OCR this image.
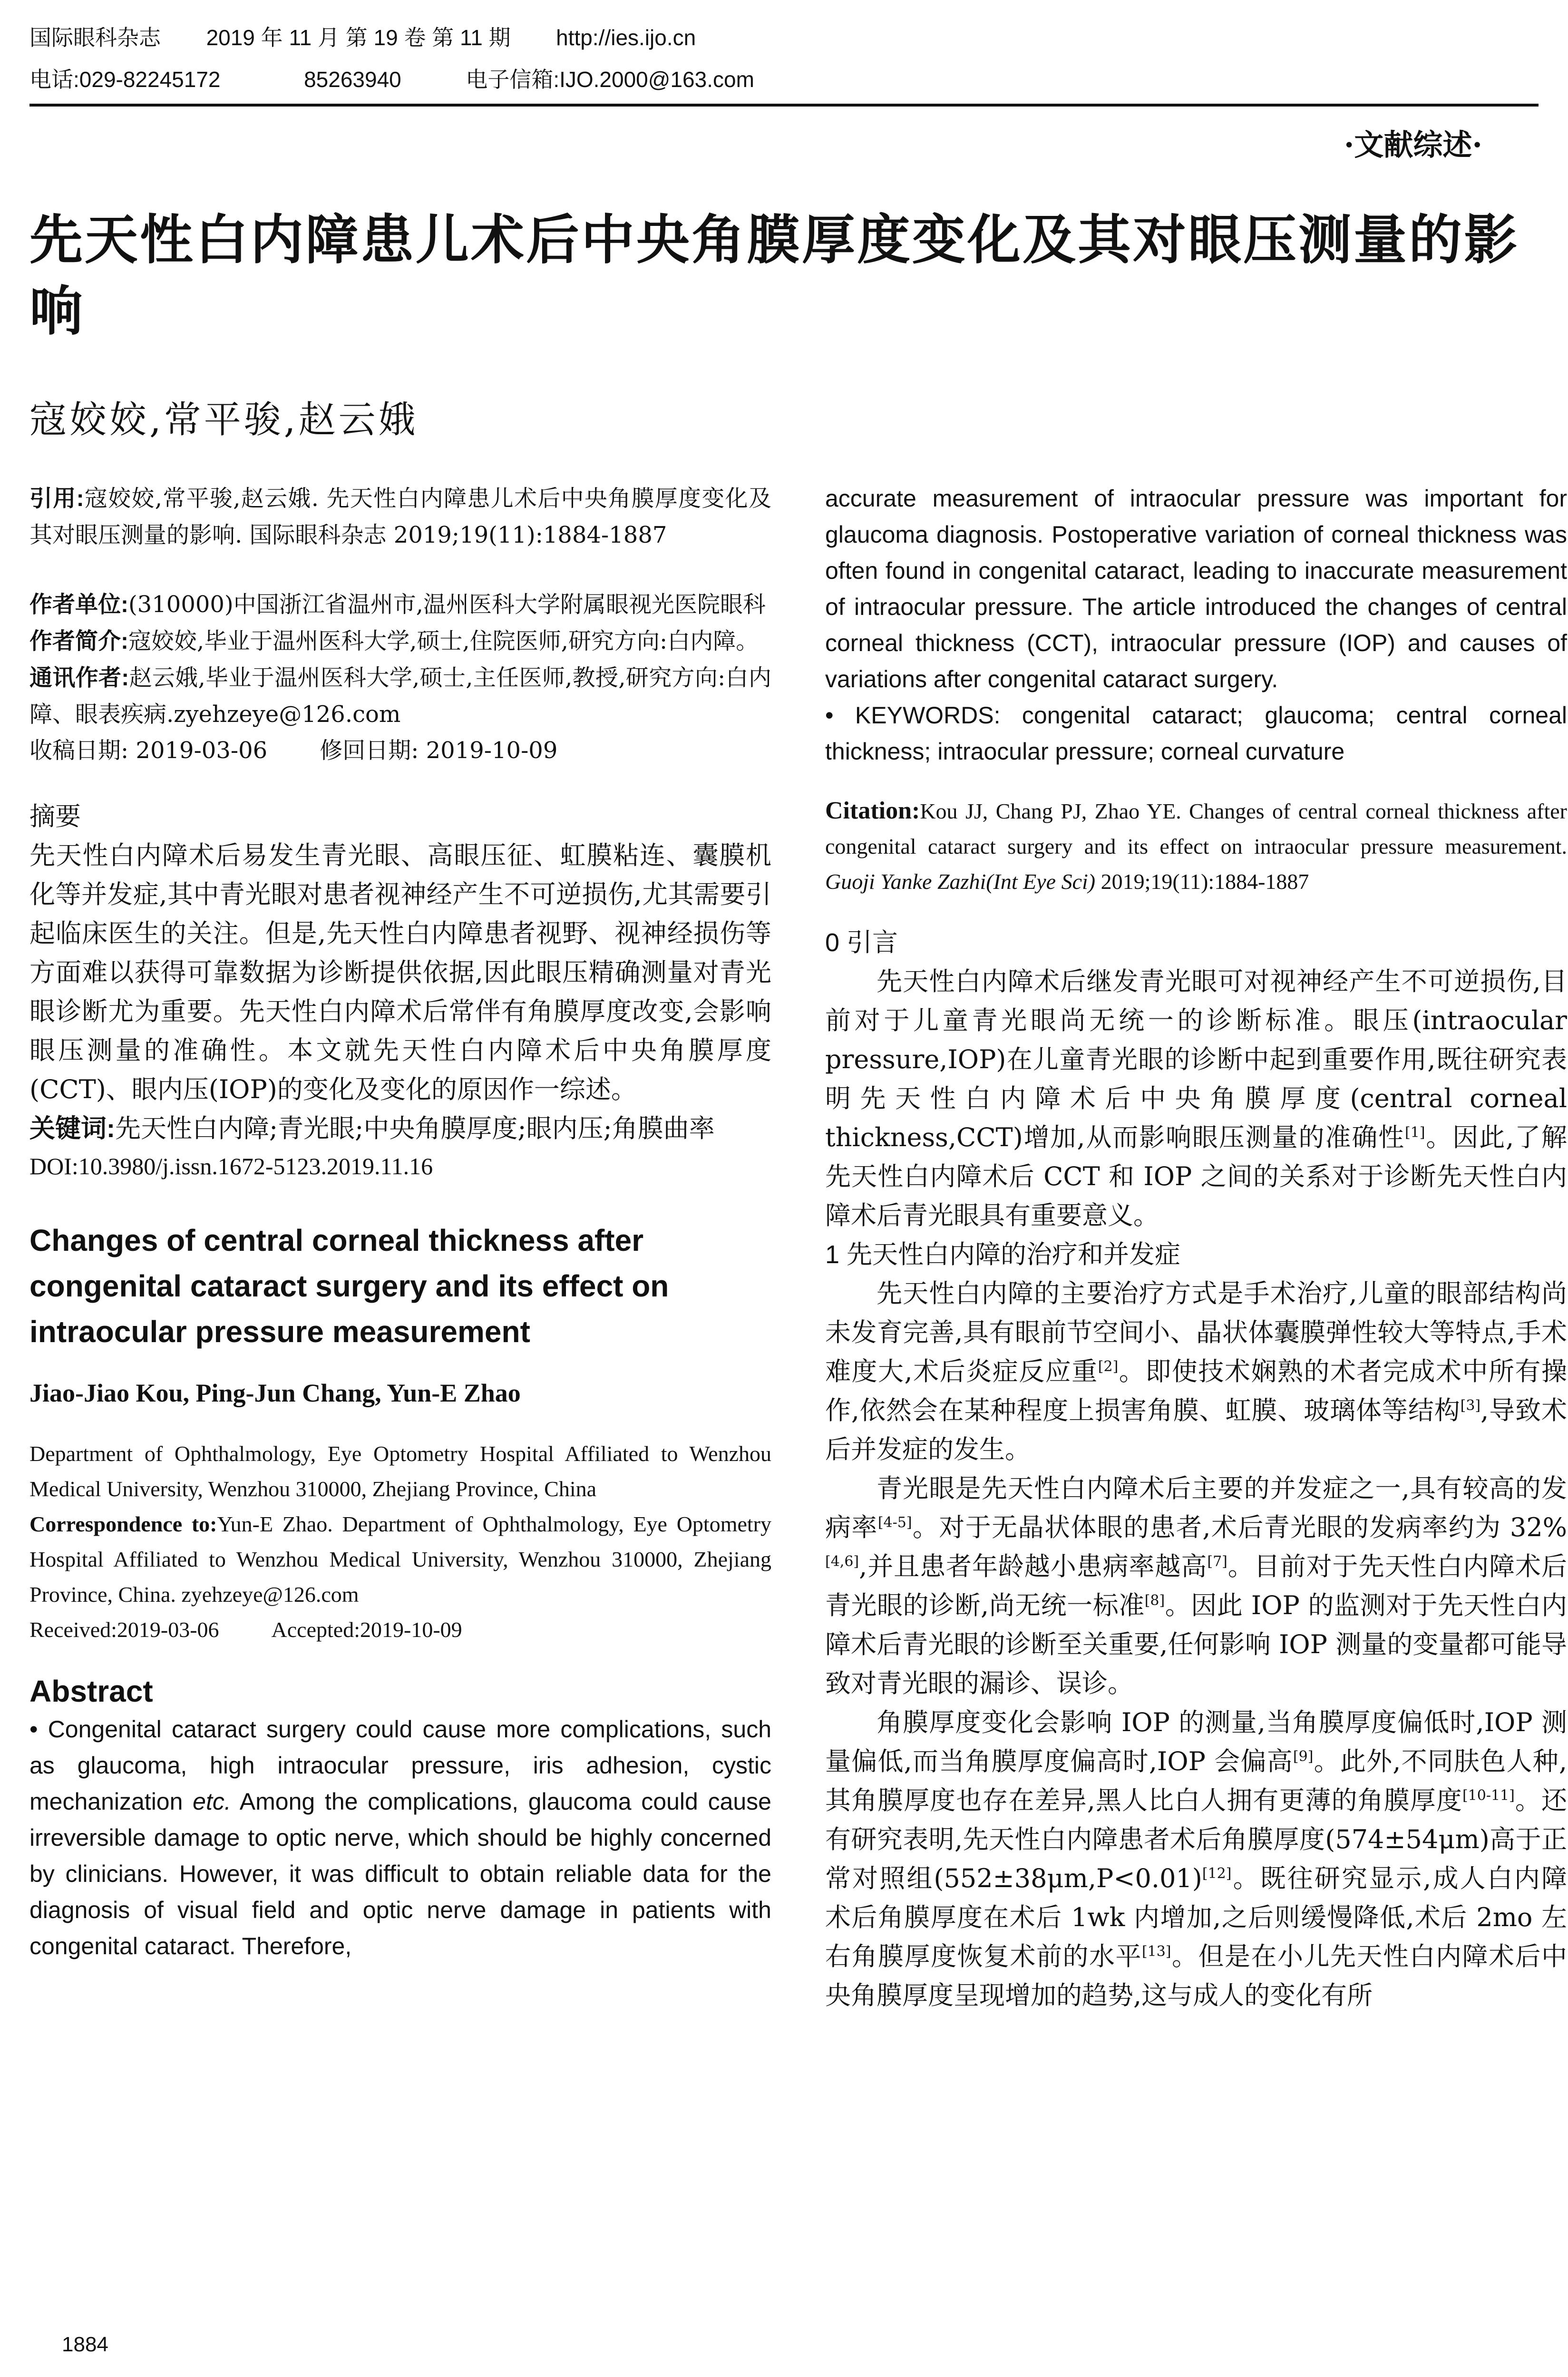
国际眼科杂志 2019 年 11 月 第 19 卷 第 11 期 http://ies.ijo.cn
电话:029-82245172	85263940	电子信箱:IJO.2000@163.com
·文献综述·
先天性白内障患儿术后中央角膜厚度变化及其对眼压测量的影响
寇姣姣,常平骏,赵云娥

引用:寇姣姣,常平骏,赵云娥. 先天性白内障患儿术后中央角膜厚度变化及其对眼压测量的影响. 国际眼科杂志 2019;19(11):1884-1887

作者单位:(310000)中国浙江省温州市,温州医科大学附属眼视光医院眼科

作者简介:寇姣姣,毕业于温州医科大学,硕士,住院医师,研究方向:白内障。

通讯作者:赵云娥,毕业于温州医科大学,硕士,主任医师,教授,研究方向:白内障、眼表疾病.zyehzeye@126.com

收稿日期: 2019-03-06 修回日期: 2019-10-09

摘要

先天性白内障术后易发生青光眼、高眼压征、虹膜粘连、囊膜机化等并发症,其中青光眼对患者视神经产生不可逆损伤,尤其需要引起临床医生的关注。但是,先天性白内障患者视野、视神经损伤等方面难以获得可靠数据为诊断提供依据,因此眼压精确测量对青光眼诊断尤为重要。先天性白内障术后常伴有角膜厚度改变,会影响眼压测量的准确性。本文就先天性白内障术后中央角膜厚度(CCT)、眼内压(IOP)的变化及变化的原因作一综述。

关键词:先天性白内障;青光眼;中央角膜厚度;眼内压;角膜曲率

DOI:10.3980/j.issn.1672-5123.2019.11.16

Changes of central corneal thickness after congenital cataract surgery and its effect on intraocular pressure measurement

Jiao-Jiao Kou, Ping-Jun Chang, Yun-E Zhao

Department of Ophthalmology, Eye Optometry Hospital Affiliated to Wenzhou Medical University, Wenzhou 310000, Zhejiang Province, China

Correspondence to:Yun-E Zhao. Department of Ophthalmology, Eye Optometry Hospital Affiliated to Wenzhou Medical University, Wenzhou 310000, Zhejiang Province, China. zyehzeye@126.com

Received:2019-03-06 Accepted:2019-10-09

Abstract

• Congenital cataract surgery could cause more complications, such as glaucoma, high intraocular pressure, iris adhesion, cystic mechanization etc. Among the complications, glaucoma could cause irreversible damage to optic nerve, which should be highly concerned by clinicians. However, it was difficult to obtain reliable data for the diagnosis of visual field and optic nerve damage in patients with congenital cataract. Therefore,

accurate measurement of intraocular pressure was important for glaucoma diagnosis. Postoperative variation of corneal thickness was often found in congenital cataract, leading to inaccurate measurement of intraocular pressure. The article introduced the changes of central corneal thickness (CCT), intraocular pressure (IOP) and causes of variations after congenital cataract surgery.

• KEYWORDS: congenital cataract; glaucoma; central corneal thickness; intraocular pressure; corneal curvature

Citation:Kou JJ, Chang PJ, Zhao YE. Changes of central corneal thickness after congenital cataract surgery and its effect on intraocular pressure measurement. Guoji Yanke Zazhi(Int Eye Sci) 2019;19(11):1884-1887

0 引言

先天性白内障术后继发青光眼可对视神经产生不可逆损伤,目前对于儿童青光眼尚无统一的诊断标准。眼压(intraocular pressure,IOP)在儿童青光眼的诊断中起到重要作用,既往研究表明先天性白内障术后中央角膜厚度(central corneal thickness,CCT)增加,从而影响眼压测量的准确性[1]。因此,了解先天性白内障术后 CCT 和 IOP 之间的关系对于诊断先天性白内障术后青光眼具有重要意义。

1 先天性白内障的治疗和并发症

先天性白内障的主要治疗方式是手术治疗,儿童的眼部结构尚未发育完善,具有眼前节空间小、晶状体囊膜弹性较大等特点,手术难度大,术后炎症反应重[2]。即使技术娴熟的术者完成术中所有操作,依然会在某种程度上损害角膜、虹膜、玻璃体等结构[3],导致术后并发症的发生。

青光眼是先天性白内障术后主要的并发症之一,具有较高的发病率[4-5]。对于无晶状体眼的患者,术后青光眼的发病率约为 32%[4,6],并且患者年龄越小患病率越高[7]。目前对于先天性白内障术后青光眼的诊断,尚无统一标准[8]。因此 IOP 的监测对于先天性白内障术后青光眼的诊断至关重要,任何影响 IOP 测量的变量都可能导致对青光眼的漏诊、误诊。

角膜厚度变化会影响 IOP 的测量,当角膜厚度偏低时,IOP 测量偏低,而当角膜厚度偏高时,IOP 会偏高[9]。此外,不同肤色人种,其角膜厚度也存在差异,黑人比白人拥有更薄的角膜厚度[10-11]。还有研究表明,先天性白内障患者术后角膜厚度(574±54μm)高于正常对照组(552±38μm,P<0.01)[12]。既往研究显示,成人白内障术后角膜厚度在术后 1wk 内增加,之后则缓慢降低,术后 2mo 左右角膜厚度恢复术前的水平[13]。但是在小儿先天性白内障术后中央角膜厚度呈现增加的趋势,这与成人的变化有所

1884
